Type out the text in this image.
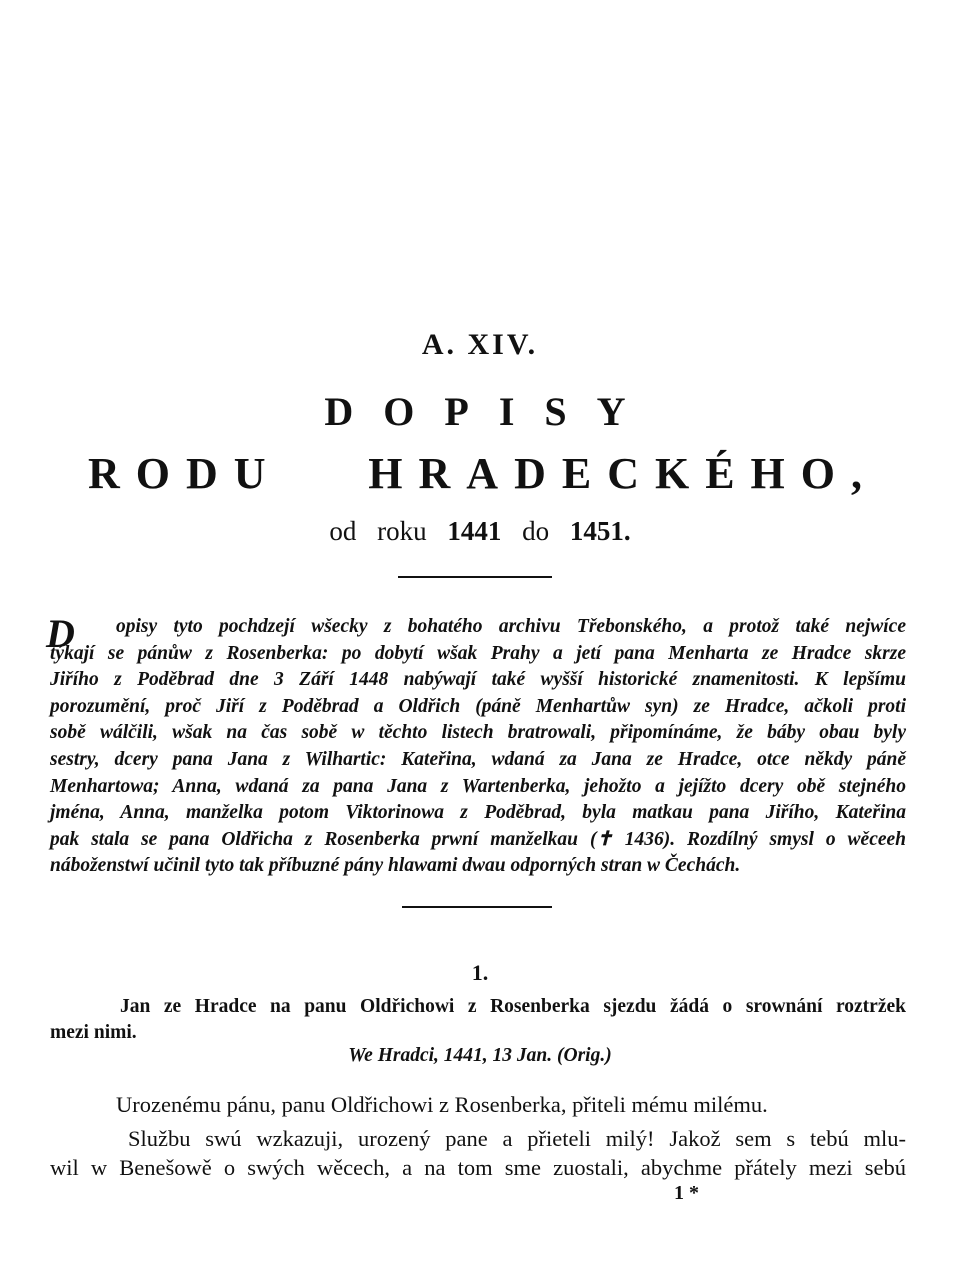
A. XIV.
DOPISY
RODU HRADECKÉHO,
od roku 1441 do 1451.
D opisy tyto pochdzejí wšecky z bohatého archivu Třebonského, a protož také nejwíce
týkají se pánůw z Rosenberka: po dobytí wšak Prahy a jetí pana Menharta ze Hradce skrze
Jiřího z Poděbrad dne 3 Září 1448 nabýwají také wyšší historické znamenitosti. K lepšímu
porozumění, proč Jiří z Poděbrad a Oldřich (páně Menhartůw syn) ze Hradce, ačkoli proti
sobě wálčili, wšak na čas sobě w těchto listech bratrowali, připomínáme, že báby obau byly
sestry, dcery pana Jana z Wilhartic: Kateřina, wdaná za Jana ze Hradce, otce někdy páně
Menhartowa; Anna, wdaná za pana Jana z Wartenberka, jehožto a jejížto dcery obě stejného
jména, Anna, manželka potom Viktorinowa z Poděbrad, byla matkau pana Jiřího, Kateřina
pak stala se pana Oldřicha z Rosenberka prwní manželkau (✝ 1436). Rozdílný smysl o wěceeh
náboženstwí učinil tyto tak příbuzné pány hlawami dwau odporných stran w Čechách.
1.
Jan ze Hradce na panu Oldřichowi z Rosenberka sjezdu žádá o srownání roztržek
mezi nimi.
We Hradci, 1441, 13 Jan. (Orig.)
Urozenému pánu, panu Oldřichowi z Rosenberka, přiteli mému milému.
Službu swú wzkazuji, urozený pane a přieteli milý! Jakož sem s tebú mlu-
wil w Benešowě o swých wěcech, a na tom sme zuostali, abychme přátely mezi sebú
1 *
